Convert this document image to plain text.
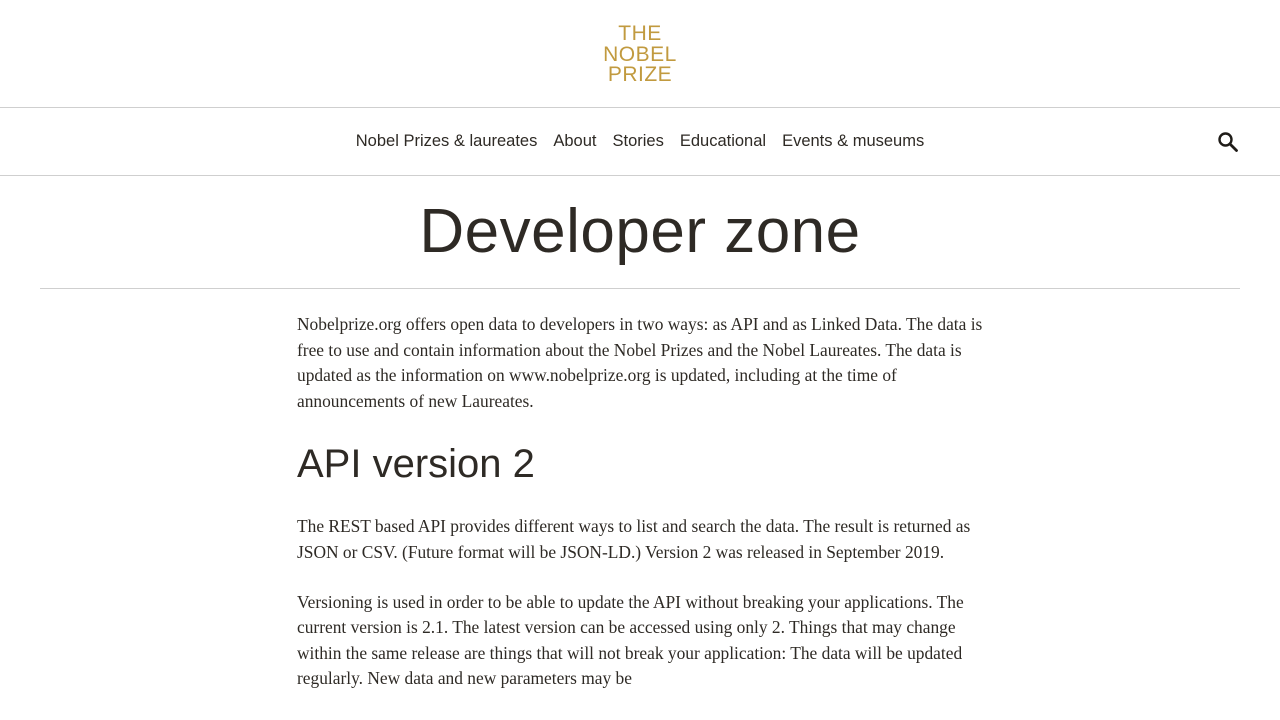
THE
NOBEL
PRIZE
Nobel Prizes & laureates About Stories Educational Events & museums
Developer zone

Nobelprize.org offers open data to developers in two ways: as API and as Linked Data. The data is free to use and contain information about the Nobel Prizes and the Nobel Laureates. The data is updated as the information on www.nobelprize.org is updated, including at the time of announcements of new Laureates.

API version 2

The REST based API provides different ways to list and search the data. The result is returned as JSON or CSV. (Future format will be JSON-LD.) Version 2 was released in September 2019.

Versioning is used in order to be able to update the API without breaking your applications. The current version is 2.1. The latest version can be accessed using only 2. Things that may change within the same release are things that will not break your application: The data will be updated regularly. New data and new parameters may be
